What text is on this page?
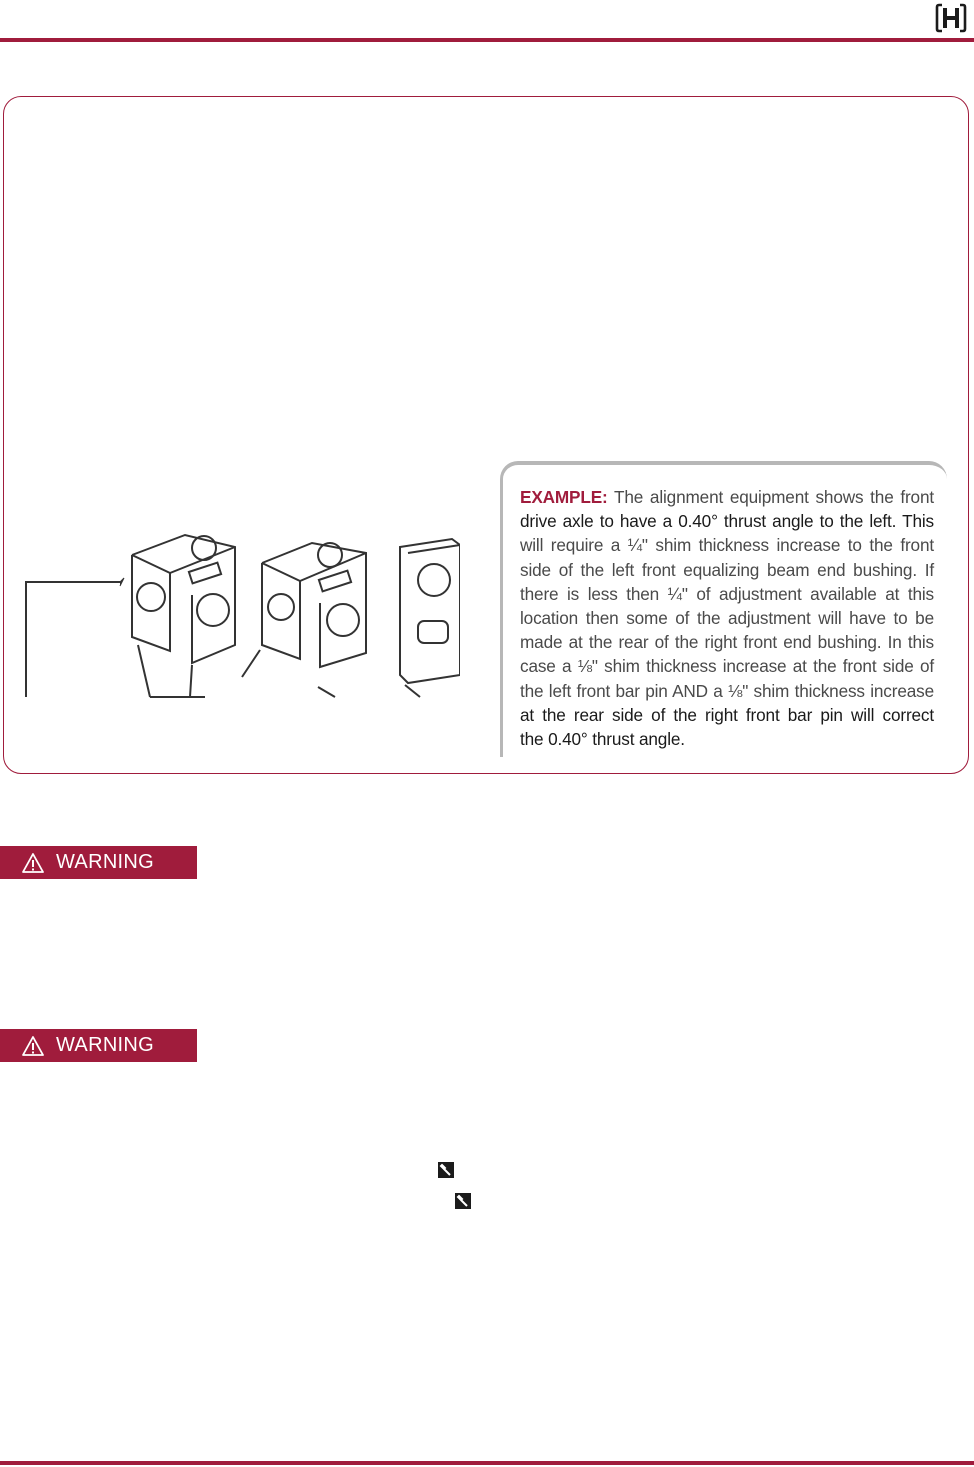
EXAMPLE: The alignment equipment shows the front
drive axle to have a 0.40° thrust angle to the left. This
will require a ¼" shim thickness increase to the front
side of the left front equalizing beam end bushing. If
there is less then ¼" of adjustment available at this
location then some of the adjustment will have to be
made at the rear of the right front end bushing. In this
case a ⅛" shim thickness increase at the front side of
the left front bar pin AND a ⅛" shim thickness increase
at the rear side of the right front bar pin will correct
the 0.40° thrust angle.
WARNING
WARNING
